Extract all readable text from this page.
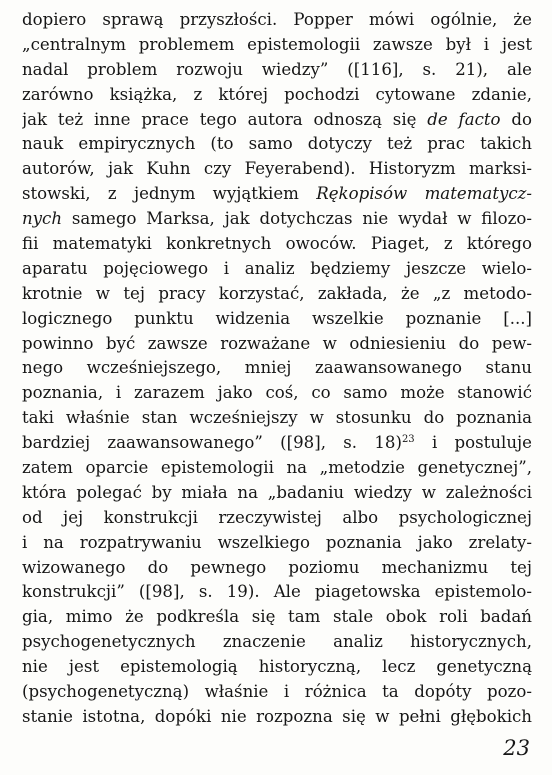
dopiero sprawą przyszłości. Popper mówi ogólnie, że
„centralnym problemem epistemologii zawsze był i jest
nadal problem rozwoju wiedzy” ([116], s. 21), ale
zarówno książka, z której pochodzi cytowane zdanie,
jak też inne prace tego autora odnoszą się de facto do
nauk empirycznych (to samo dotyczy też prac takich
autorów, jak Kuhn czy Feyerabend). Historyzm marksi-
stowski, z jednym wyjątkiem Rękopisów matematycz-
nych samego Marksa, jak dotychczas nie wydał w filozo-
fii matematyki konkretnych owoców. Piaget, z którego
aparatu pojęciowego i analiz będziemy jeszcze wielo-
krotnie w tej pracy korzystać, zakłada, że „z metodo-
logicznego punktu widzenia wszelkie poznanie [...]
powinno być zawsze rozważane w odniesieniu do pew-
nego wcześniejszego, mniej zaawansowanego stanu
poznania, i zarazem jako coś, co samo może stanowić
taki właśnie stan wcześniejszy w stosunku do poznania
bardziej zaawansowanego” ([98], s. 18)$^{23}$ i postuluje
zatem oparcie epistemologii na „metodzie genetycznej”,
która polegać by miała na „badaniu wiedzy w zależności
od jej konstrukcji rzeczywistej albo psychologicznej
i na rozpatrywaniu wszelkiego poznania jako zrelaty-
wizowanego do pewnego poziomu mechanizmu tej
konstrukcji” ([98], s. 19). Ale piagetowska epistemolo-
gia, mimo że podkreśla się tam stale obok roli badań
psychogenetycznych znaczenie analiz historycznych,
nie jest epistemologią historyczną, lecz genetyczną
(psychogenetyczną) właśnie i różnica ta dopóty pozo-
stanie istotna, dopóki nie rozpozna się w pełni głębokich
23
